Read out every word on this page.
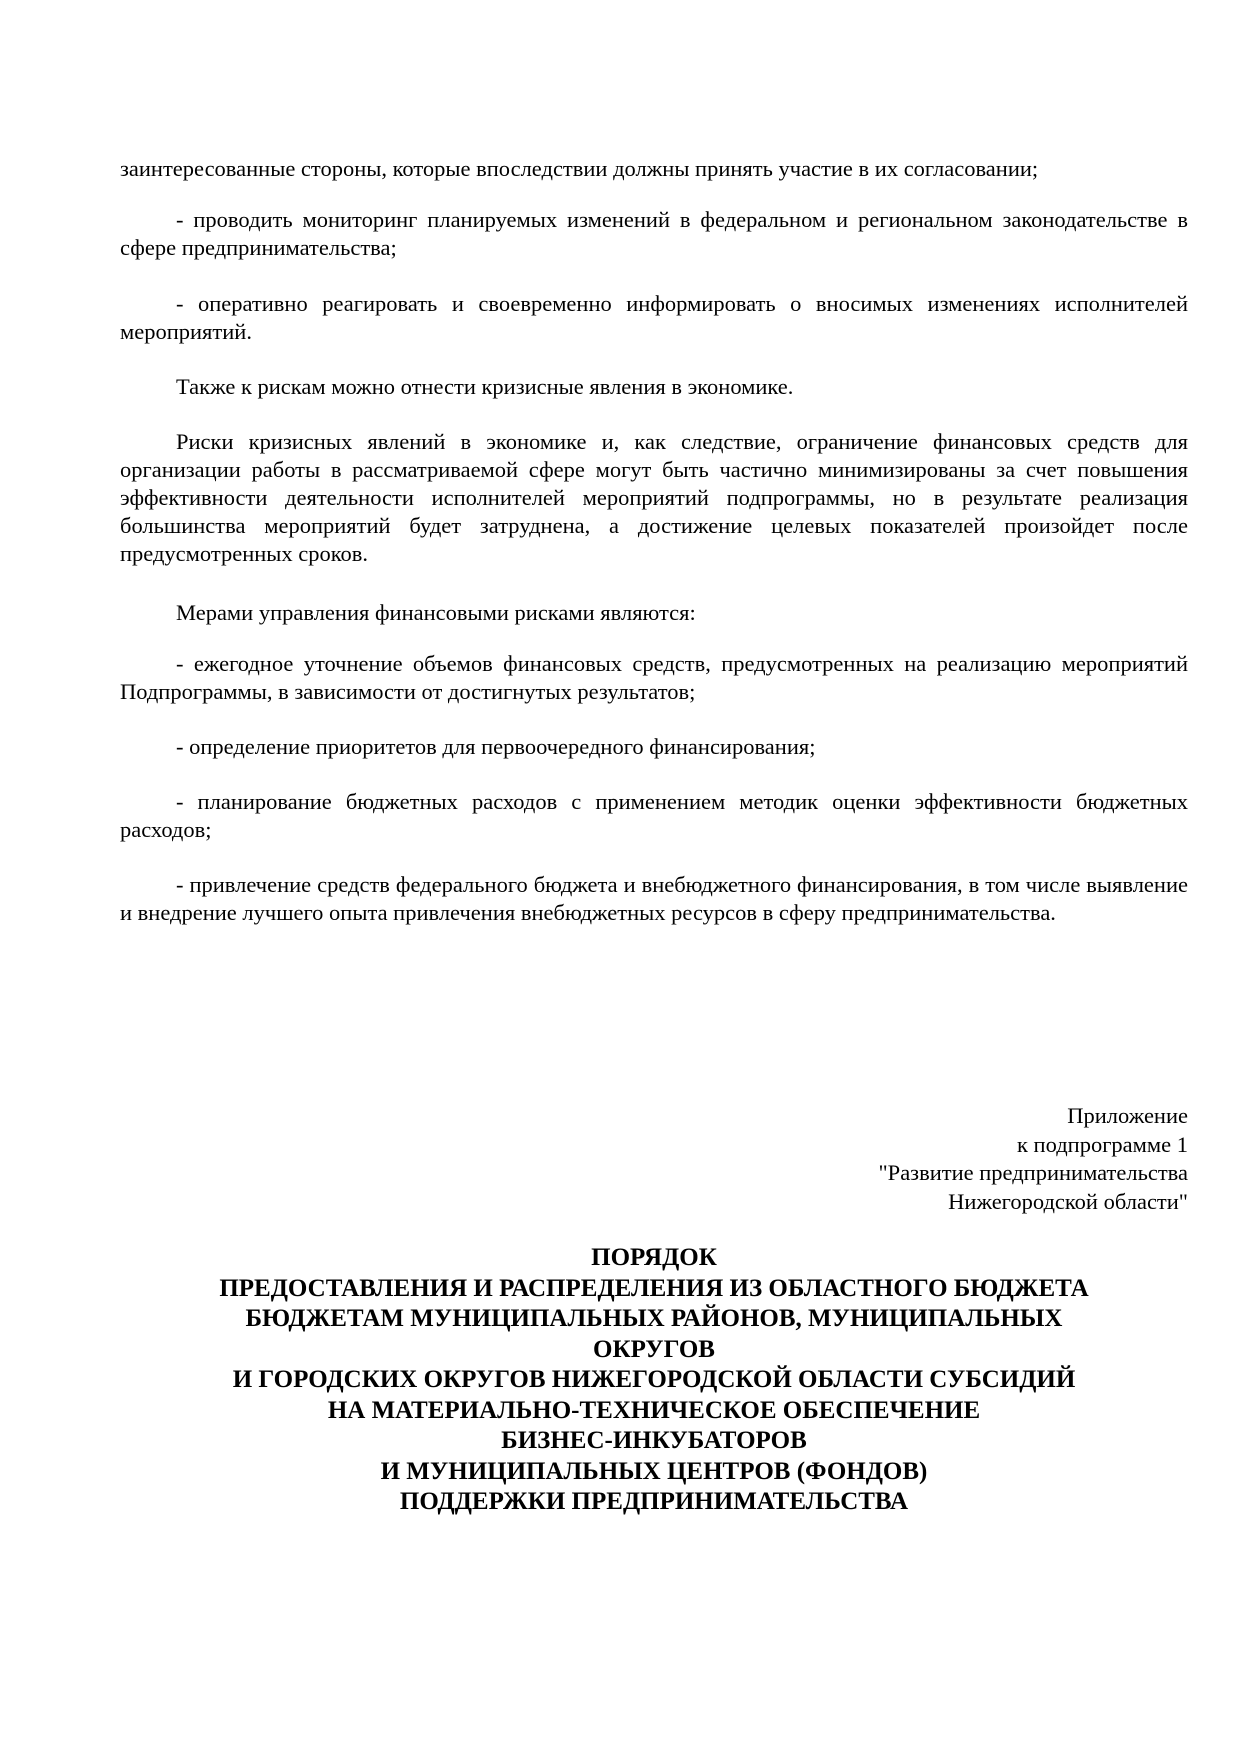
заинтересованные стороны, которые впоследствии должны принять участие в их согласовании;
- проводить мониторинг планируемых изменений в федеральном и региональном законодательстве в сфере предпринимательства;
- оперативно реагировать и своевременно информировать о вносимых изменениях исполнителей мероприятий.
Также к рискам можно отнести кризисные явления в экономике.
Риски кризисных явлений в экономике и, как следствие, ограничение финансовых средств для организации работы в рассматриваемой сфере могут быть частично минимизированы за счет повышения эффективности деятельности исполнителей мероприятий подпрограммы, но в результате реализация большинства мероприятий будет затруднена, а достижение целевых показателей произойдет после предусмотренных сроков.
Мерами управления финансовыми рисками являются:
- ежегодное уточнение объемов финансовых средств, предусмотренных на реализацию мероприятий Подпрограммы, в зависимости от достигнутых результатов;
- определение приоритетов для первоочередного финансирования;
- планирование бюджетных расходов с применением методик оценки эффективности бюджетных расходов;
- привлечение средств федерального бюджета и внебюджетного финансирования, в том числе выявление и внедрение лучшего опыта привлечения внебюджетных ресурсов в сферу предпринимательства.
Приложение
к подпрограмме 1
"Развитие предпринимательства
Нижегородской области"
ПОРЯДОК
ПРЕДОСТАВЛЕНИЯ И РАСПРЕДЕЛЕНИЯ ИЗ ОБЛАСТНОГО БЮДЖЕТА
БЮДЖЕТАМ МУНИЦИПАЛЬНЫХ РАЙОНОВ, МУНИЦИПАЛЬНЫХ
ОКРУГОВ
И ГОРОДСКИХ ОКРУГОВ НИЖЕГОРОДСКОЙ ОБЛАСТИ СУБСИДИЙ
НА МАТЕРИАЛЬНО-ТЕХНИЧЕСКОЕ ОБЕСПЕЧЕНИЕ
БИЗНЕС-ИНКУБАТОРОВ
И МУНИЦИПАЛЬНЫХ ЦЕНТРОВ (ФОНДОВ)
ПОДДЕРЖКИ ПРЕДПРИНИМАТЕЛЬСТВА
